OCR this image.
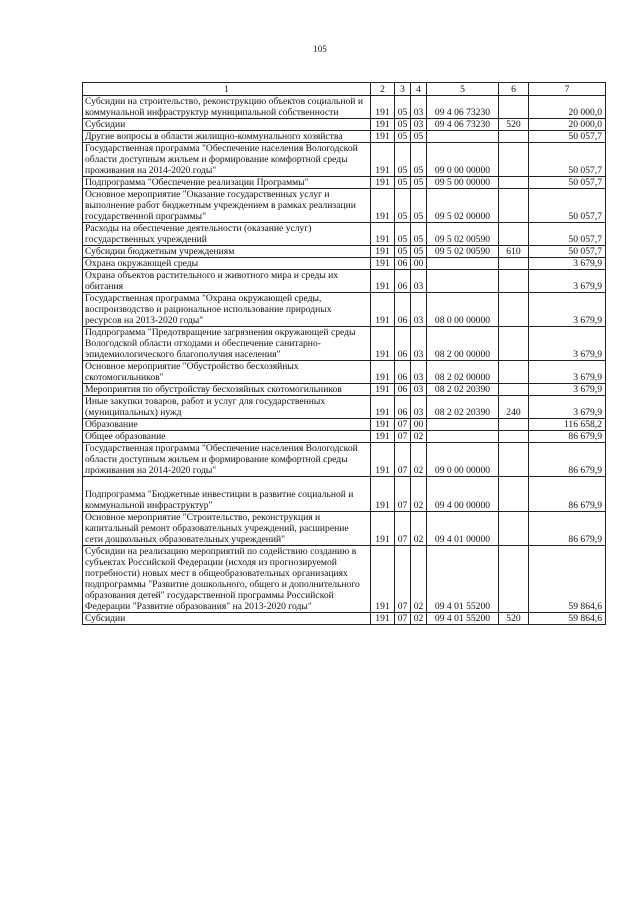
105
1	2	3	4	5	6	7
Субсидии на строительство, реконструкцию объектов социальной и коммунальной инфраструктур муниципальной собственности	191	05	03	09 4 06 73230		20 000,0
Субсидии	191	05	03	09 4 06 73230	520	20 000,0
Другие вопросы в области жилищно-коммунального хозяйства	191	05	05			50 057,7
Государственная программа "Обеспечение населения Вологодской области доступным жильем и формирование комфортной среды проживания на 2014-2020 годы"	191	05	05	09 0 00 00000		50 057,7
Подпрограмма "Обеспечение реализации Программы"	191	05	05	09 5 00 00000		50 057,7
Основное мероприятие "Оказание государственных услуг и выполнение работ бюджетным учреждением в рамках реализации государственной программы"	191	05	05	09 5 02 00000		50 057,7
Расходы на обеспечение деятельности (оказание услуг) государственных учреждений	191	05	05	09 5 02 00590		50 057,7
Субсидии бюджетным учреждениям	191	05	05	09 5 02 00590	610	50 057,7
Охрана окружающей среды	191	06	00			3 679,9
Охрана объектов растительного и животного мира и среды их обитания	191	06	03			3 679,9
Государственная программа "Охрана окружающей среды, воспроизводство и рациональное использование природных ресурсов на 2013-2020 годы"	191	06	03	08 0 00 00000		3 679,9
Подпрограмма "Предотвращение загрязнения окружающей среды Вологодской области отходами и обеспечение санитарно-эпидемиологического благополучия населения"	191	06	03	08 2 00 00000		3 679,9
Основное мероприятие "Обустройство бесхозяйных скотомогильников"	191	06	03	08 2 02 00000		3 679,9
Мероприятия по обустройству бесхозяйных скотомогильников	191	06	03	08 2 02 20390		3 679,9
Иные закупки товаров, работ и услуг для государственных (муниципальных) нужд	191	06	03	08 2 02 20390	240	3 679,9
Образование	191	07	00			116 658,2
Общее образование	191	07	02			86 679,9
Государственная программа "Обеспечение населения Вологодской области доступным жильем и формирование комфортной среды проживания на 2014-2020 годы"	191	07	02	09 0 00 00000		86 679,9
Подпрограмма "Бюджетные инвестиции в развитие социальной и коммунальной инфраструктур"	191	07	02	09 4 00 00000		86 679,9
Основное мероприятие "Строительство, реконструкция и капитальный ремонт образовательных учреждений, расширение сети дошкольных образовательных учреждений"	191	07	02	09 4 01 00000		86 679,9
Субсидии на реализацию мероприятий по содействию созданию в субъектах Российской Федерации (исходя из прогнозируемой потребности) новых мест в общеобразовательных организациях подпрограммы "Развитие дошкольного, общего и дополнительного образования детей" государственной программы Российской Федерации "Развитие образования" на 2013-2020 годы"	191	07	02	09 4 01 55200		59 864,6
Субсидии	191	07	02	09 4 01 55200	520	59 864,6
